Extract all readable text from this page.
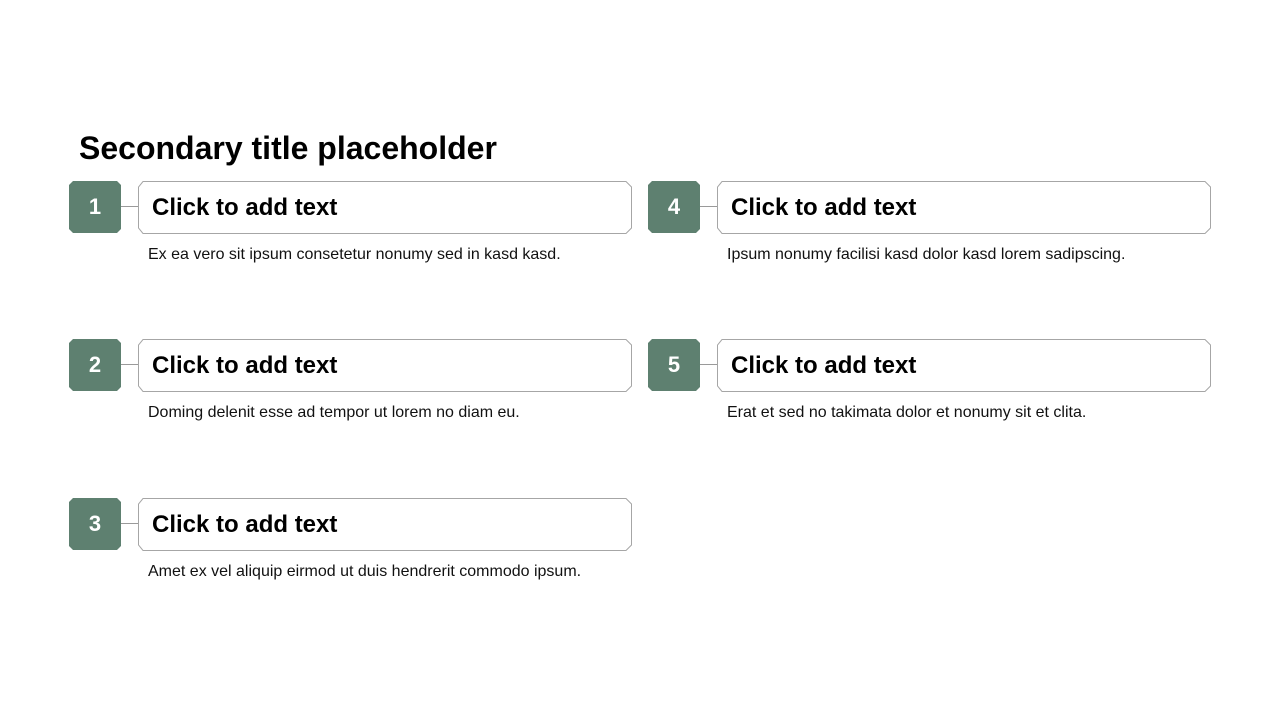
Secondary title placeholder
1	Click to add text
Ex ea vero sit ipsum consetetur nonumy sed in kasd kasd.
2	Click to add text
Doming delenit esse ad tempor ut lorem no diam eu.
3	Click to add text
Amet ex vel aliquip eirmod ut duis hendrerit commodo ipsum.
4	Click to add text
Ipsum nonumy facilisi kasd dolor kasd lorem sadipscing.
5	Click to add text
Erat et sed no takimata dolor et nonumy sit et clita.
